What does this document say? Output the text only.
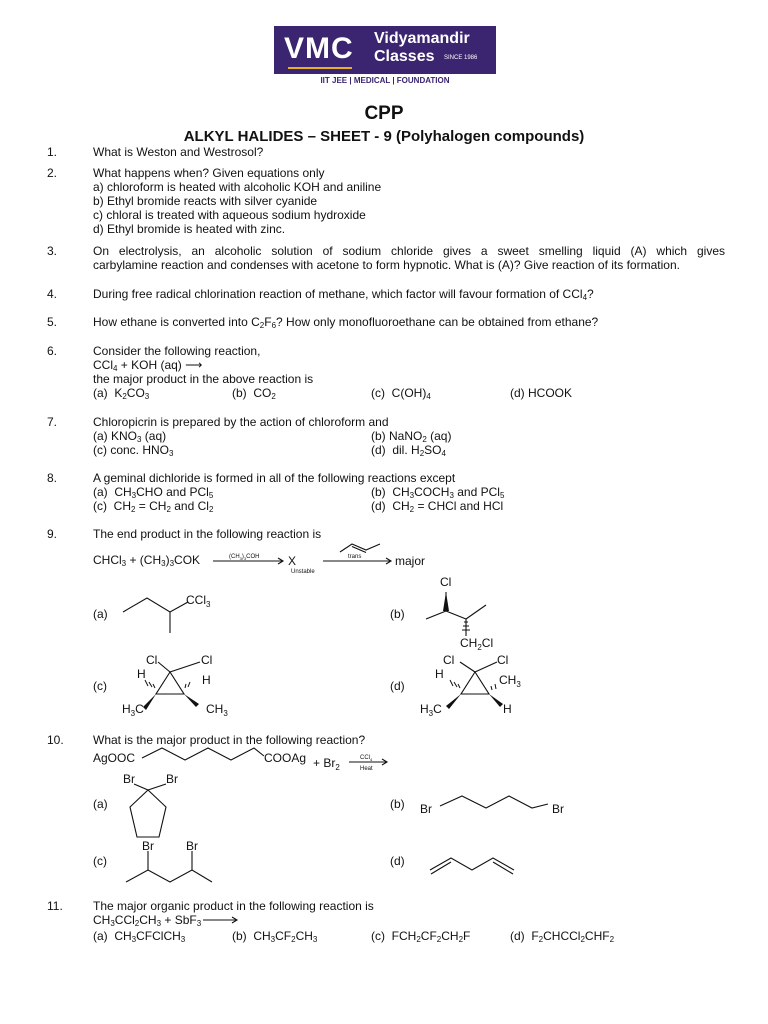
VMC Vidyamandir
Classes SINCE 1986
IIT JEE | MEDICAL | FOUNDATION
CPP
ALKYL HALIDES – SHEET - 9 (Polyhalogen compounds)
1.	What is Weston and Westrosol?
2.	What happens when? Given equations only
a) chloroform is heated with alcoholic KOH and aniline
b) Ethyl bromide reacts with silver cyanide
c) chloral is treated with aqueous sodium hydroxide
d) Ethyl bromide is heated with zinc.
3.	On electrolysis, an alcoholic solution of sodium chloride gives a sweet smelling liquid (A) which gives
carbylamine reaction and condenses with acetone to form hypnotic. What is (A)? Give reaction of its formation.
4.	During free radical chlorination reaction of methane, which factor will favour formation of CCl$_4$?
5.	How ethane is converted into $C_2F_6$? How only monofluoroethane can be obtained from ethane?
6.	Consider the following reaction,
CCl$_4$ + KOH (aq) ⟶
the major product in the above reaction is
(a)  $K_2CO_3$	(b)  $CO_2$	(c)  $C(OH)_4$	(d) HCOOK
7.	Chloropicrin is prepared by the action of chloroform and
(a) $KNO_3$ (aq)	(b) NaNO$_2$ (aq)
(c) conc. $HNO_3$	(d)  dil. $H_2SO_4$
8.	A geminal dichloride is formed in all of the following reactions except
(a)  $CH_3CHO$ and PCl$_5$	(b)  $CH_3COCH_3$ and PCl$_5$
(c)  $CH_2 = CH_2$ and $Cl_2$	(d)  $CH_2$ = CHCl and HCl
9.	The end product in the following reaction is
CHCl$_3$ + $(CH_3)_3COK$	X	major
(a)
CCl$_3$
(b)
Cl
$CH_2Cl$
(c)
Cl	Cl
H	H
$H_3C$	$CH_3$
(d)
Cl	Cl
H	$CH_3$
$H_3C$	H
AgOOC	COOAg + $Br_2$
(a)
Br	Br
(b) Br	Br
(c)
Br	Br
(d)
$(CH_3)_3COH$
Unstable
trans
CCl$_4$
Heat
10. What is the major product in the following reaction?
11.	The major organic product in the following reaction is
$CH_3CCl_2CH_3 + SbF_3$
(a)  $CH_3CFClCH_3$	(b)  $CH_3CF_2CH_3$	(c)  $FCH_2CF_2CH_2F$	(d)  $F_2CHCCl_2CHF_2$
